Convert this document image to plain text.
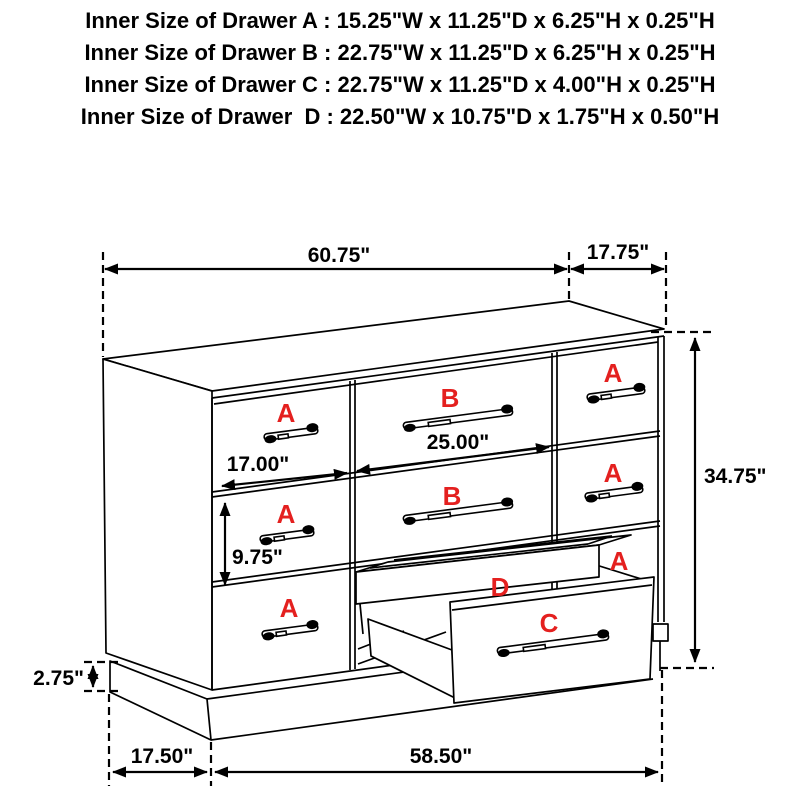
Inner Size of Drawer A : 15.25"W x 11.25"D x 6.25"H x 0.25"H

Inner Size of Drawer B : 22.75"W x 11.25"D x 6.25"H x 0.25"H

Inner Size of Drawer C : 22.75"W x 11.25"D x 4.00"H x 0.25"H

Inner Size of Drawer  D : 22.50"W x 10.75"D x 1.75"H x 0.50"H

60.75"	17.75"
34.75"
17.00"
25.00"
9.75"
2.75"
17.50"	58.50"
A
A
A
A
A
A
B
B
D
C
